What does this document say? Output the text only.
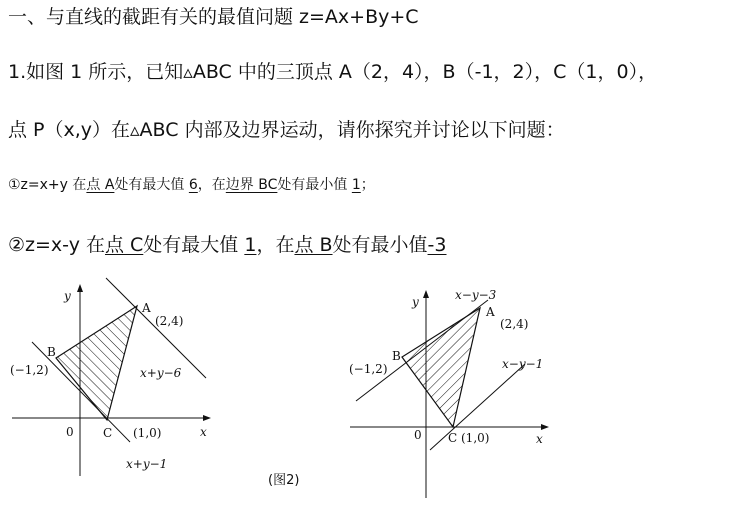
一、与直线的截距有关的最值问题 z=Ax+By+C
1.如图 1 所示，已知▵ABC 中的三顶点 A（2，4），B（-1，2），C（1，0），
点 P（x,y）在▵ABC 内部及边界运动，请你探究并讨论以下问题：
①z=x+y 在点 A处有最大值 6，在边界 BC处有最小值 1；
②z=x-y 在点 C处有最大值 1，在点 B处有最小值-3
y
x
0
A
(2,4)
B
(−1,2)
C (1,0)
x+y−6
x+y−1
y
x
0
A
(2,4)
B
(−1,2)
C (1,0)
x−y−3
x−y−1
(图2)
